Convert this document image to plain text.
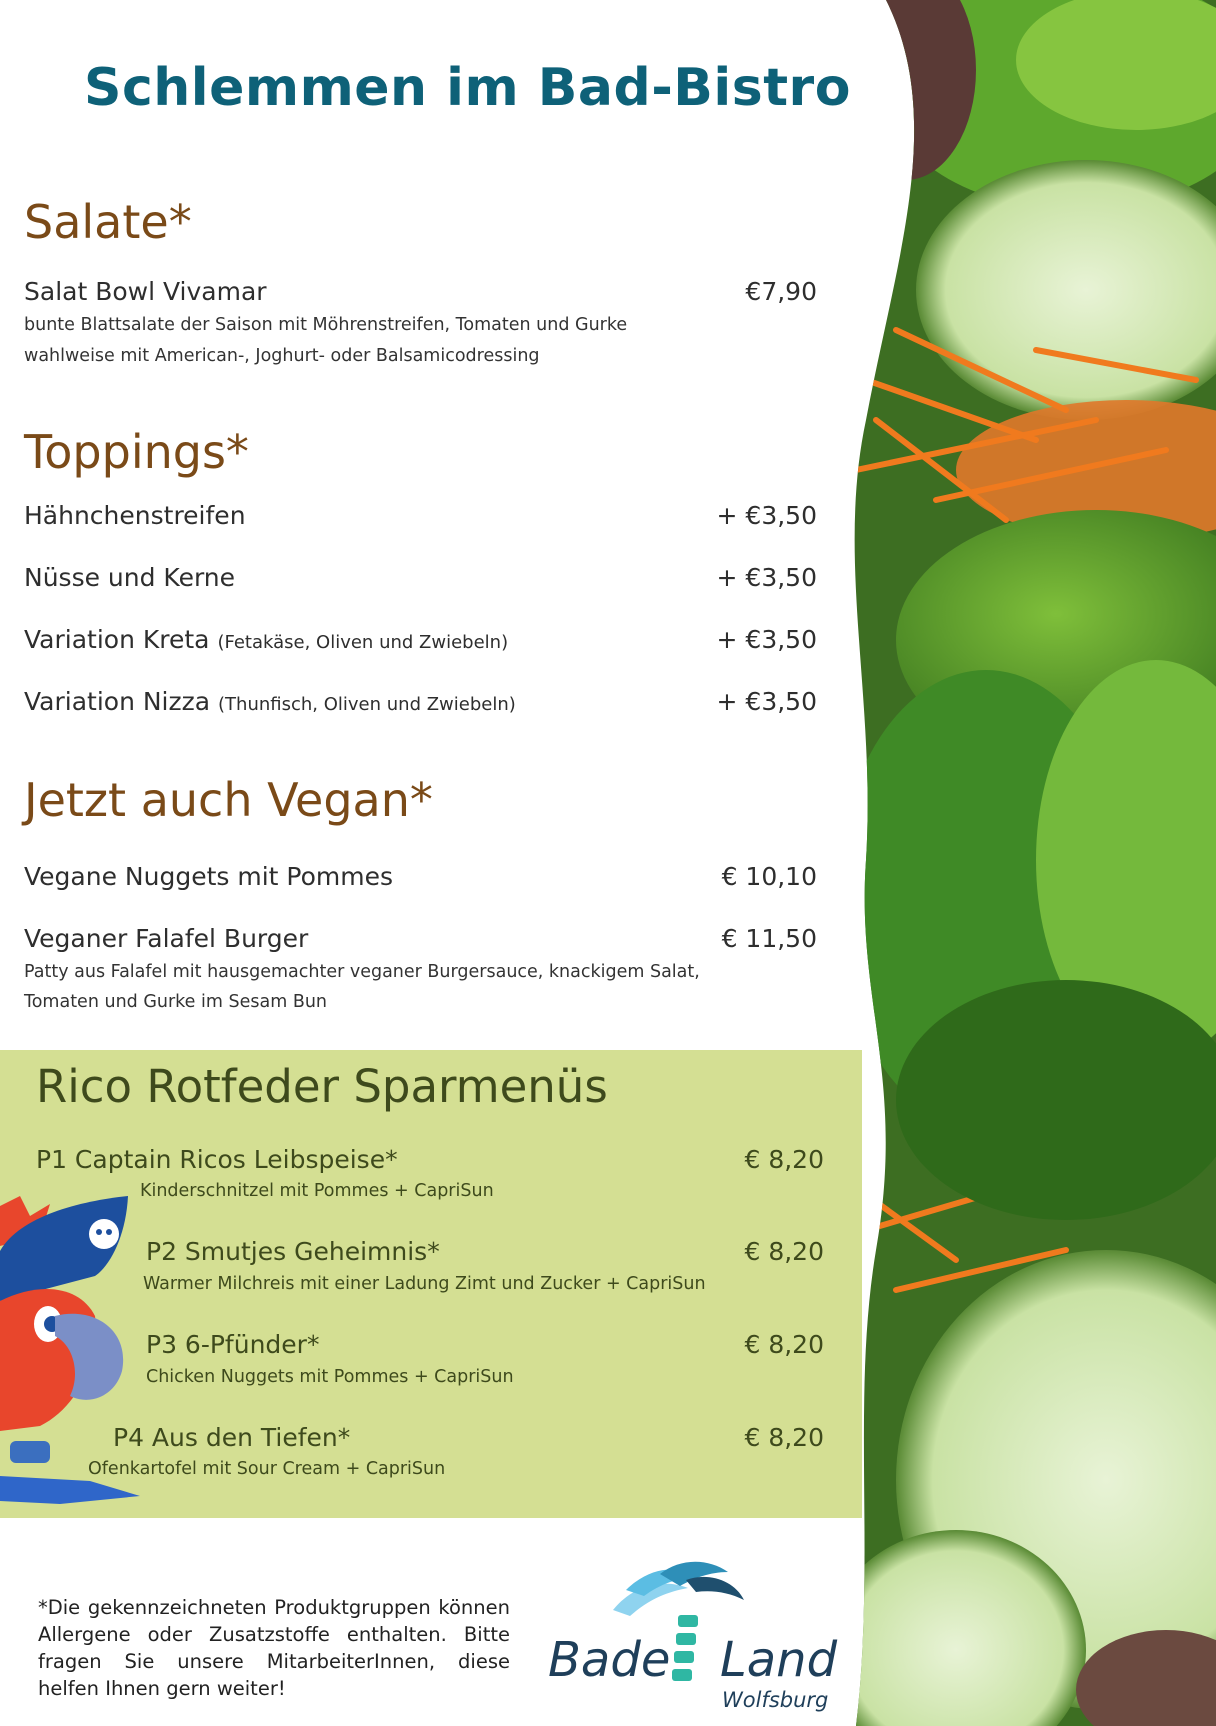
Schlemmen im Bad-Bistro
Salate*
Salat Bowl Vivamar	€7,90
bunte Blattsalate der Saison mit Möhrenstreifen, Tomaten und Gurke
wahlweise mit American-, Joghurt- oder Balsamicodressing
Toppings*
Hähnchenstreifen	+ €3,50
Nüsse und Kerne	+ €3,50
Variation Kreta (Fetakäse, Oliven und Zwiebeln)	+ €3,50
Variation Nizza (Thunfisch, Oliven und Zwiebeln)	+ €3,50
Jetzt auch Vegan*
Vegane Nuggets mit Pommes	€ 10,10
Veganer Falafel Burger	€ 11,50
Patty aus Falafel mit hausgemachter veganer Burgersauce, knackigem Salat,
Tomaten und Gurke im Sesam Bun
Rico Rotfeder Sparmenüs
P1 Captain Ricos Leibspeise*	€ 8,20
Kinderschnitzel mit Pommes + CapriSun
P2 Smutjes Geheimnis*	€ 8,20
Warmer Milchreis mit einer Ladung Zimt und Zucker + CapriSun
P3 6-Pfünder*	€ 8,20
Chicken Nuggets mit Pommes + CapriSun
P4 Aus den Tiefen*	€ 8,20
Ofenkartofel mit Sour Cream + CapriSun
*Die gekennzeichneten Produktgruppen können Allergene oder Zusatzstoffe enthalten. Bitte fragen Sie unsere MitarbeiterInnen, diese helfen Ihnen gern weiter!
Bade Land
Wolfsburg
